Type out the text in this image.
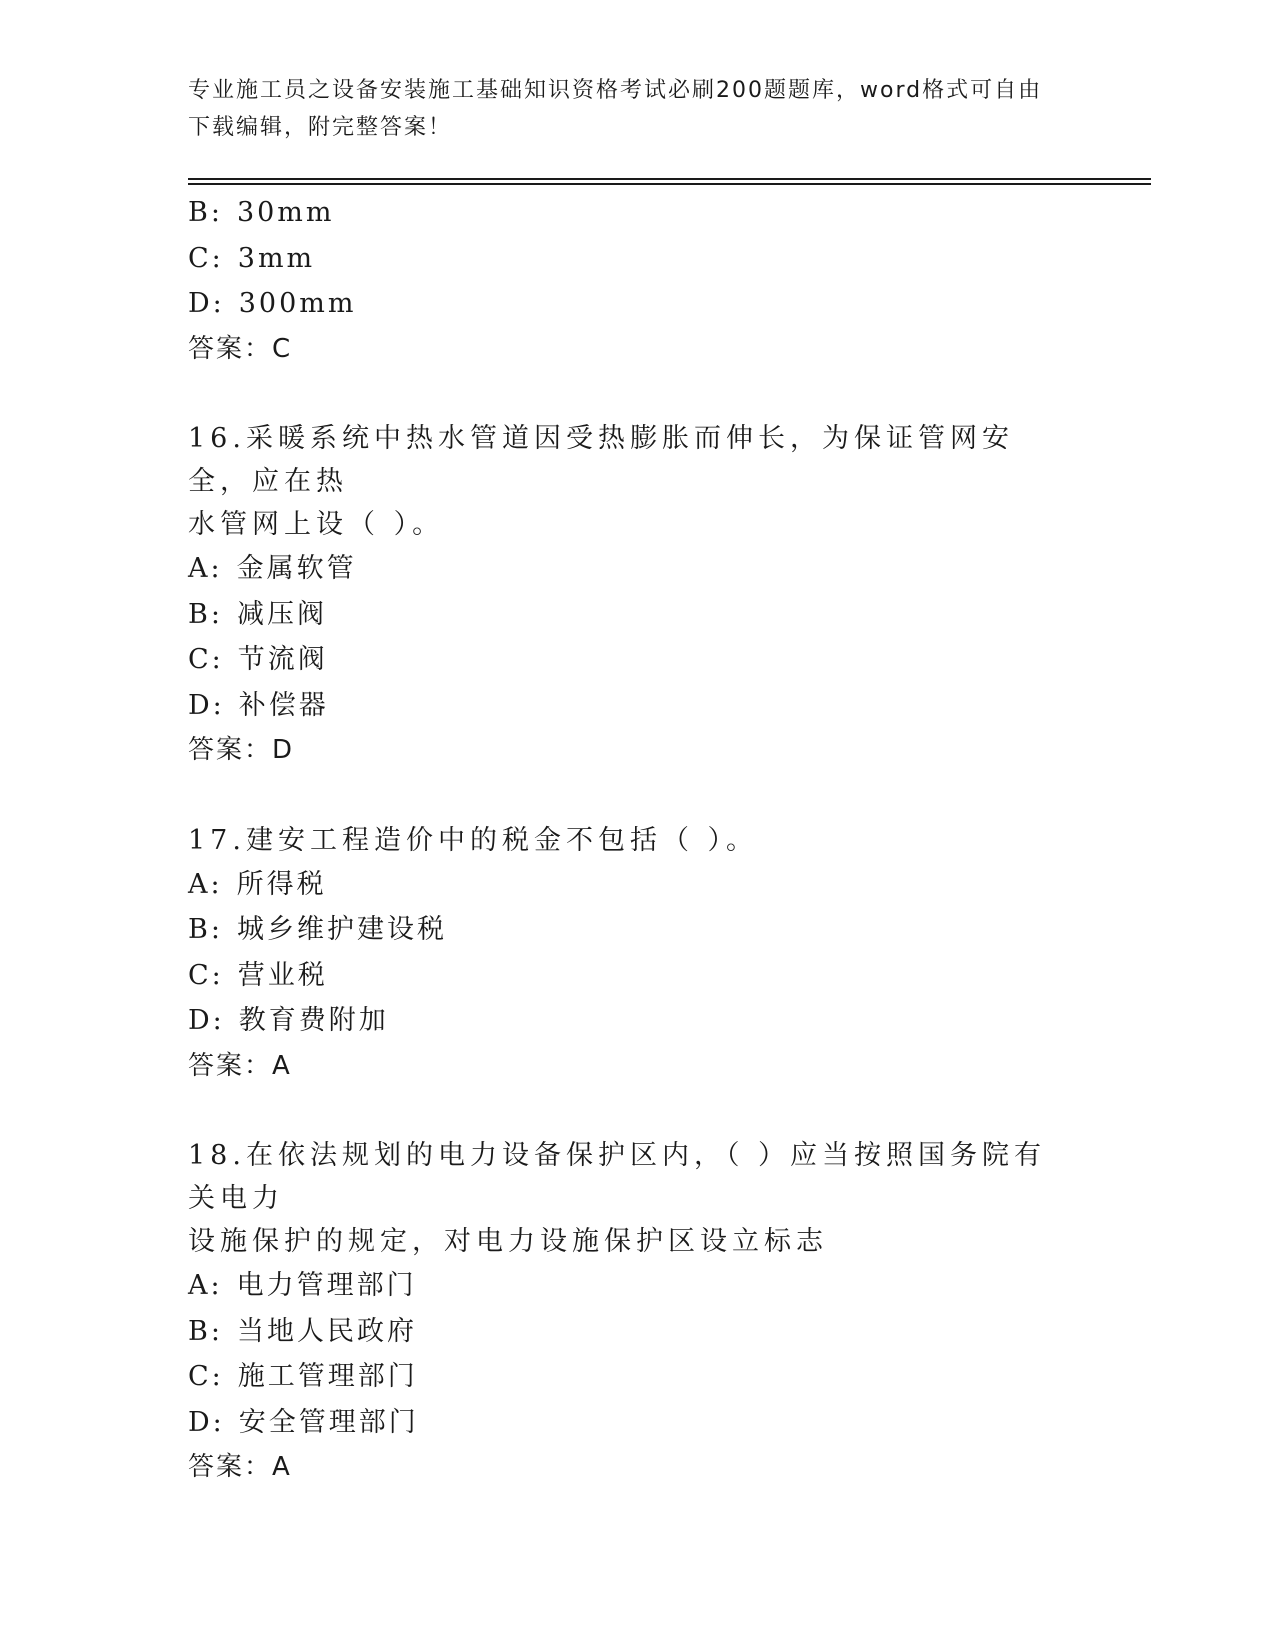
专业施工员之设备安装施工基础知识资格考试必刷200题题库，word格式可自由
下载编辑，附完整答案！
B: 30mm
C: 3mm
D: 300mm
答案：C
16.采暖系统中热水管道因受热膨胀而伸长，为保证管网安全，应在热
水管网上设（ ）。
A: 金属软管
B: 减压阀
C: 节流阀
D: 补偿器
答案：D
17.建安工程造价中的税金不包括（ ）。
A: 所得税
B: 城乡维护建设税
C: 营业税
D: 教育费附加
答案：A
18.在依法规划的电力设备保护区内，（ ）应当按照国务院有关电力
设施保护的规定，对电力设施保护区设立标志
A: 电力管理部门
B: 当地人民政府
C: 施工管理部门
D: 安全管理部门
答案：A
